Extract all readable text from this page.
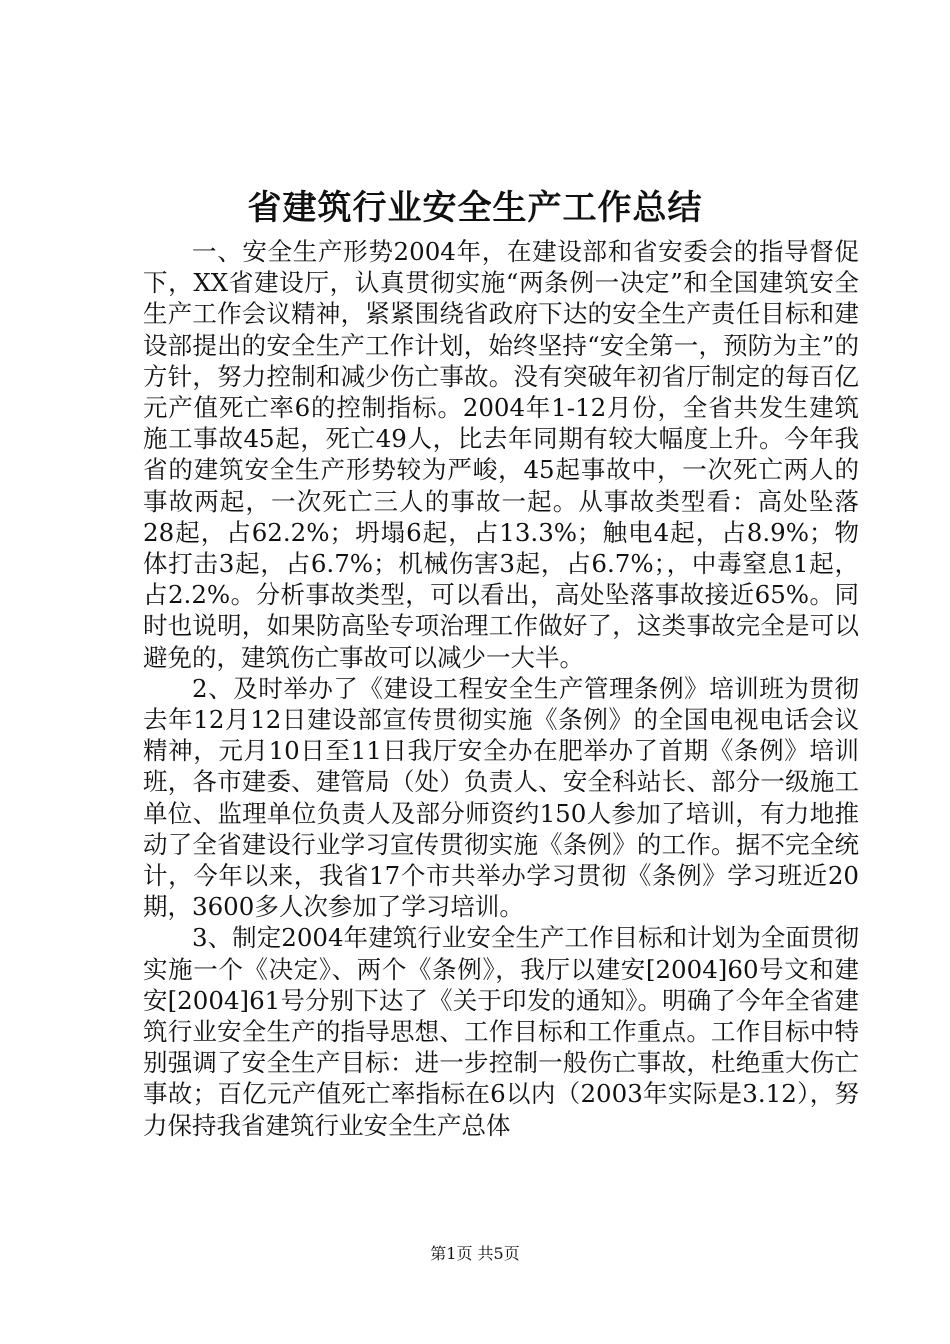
省建筑行业安全生产工作总结

一、安全生产形势2004年，在建设部和省安委会的指导督促下，XX省建设厅，认真贯彻实施“两条例一决定”和全国建筑安全生产工作会议精神，紧紧围绕省政府下达的安全生产责任目标和建设部提出的安全生产工作计划，始终坚持“安全第一，预防为主”的方针，努力控制和减少伤亡事故。没有突破年初省厅制定的每百亿元产值死亡率6的控制指标。2004年1-12月份，全省共发生建筑施工事故45起，死亡49人，比去年同期有较大幅度上升。今年我省的建筑安全生产形势较为严峻，45起事故中，一次死亡两人的事故两起，一次死亡三人的事故一起。从事故类型看：高处坠落28起，占62.2%；坍塌6起，占13.3%；触电4起，占8.9%；物体打击3起，占6.7%；机械伤害3起，占6.7%；，中毒窒息1起，占2.2%。分析事故类型，可以看出，高处坠落事故接近65%。同时也说明，如果防高坠专项治理工作做好了，这类事故完全是可以避免的，建筑伤亡事故可以减少一大半。

2、及时举办了《建设工程安全生产管理条例》培训班为贯彻去年12月12日建设部宣传贯彻实施《条例》的全国电视电话会议精神，元月10日至11日我厅安全办在肥举办了首期《条例》培训班，各市建委、建管局（处）负责人、安全科站长、部分一级施工单位、监理单位负责人及部分师资约150人参加了培训，有力地推动了全省建设行业学习宣传贯彻实施《条例》的工作。据不完全统计，今年以来，我省17个市共举办学习贯彻《条例》学习班近20期，3600多人次参加了学习培训。

3、制定2004年建筑行业安全生产工作目标和计划为全面贯彻实施一个《决定》、两个《条例》，我厅以建安[2004]60号文和建安[2004]61号分别下达了《关于印发的通知》。明确了今年全省建筑行业安全生产的指导思想、工作目标和工作重点。工作目标中特别强调了安全生产目标：进一步控制一般伤亡事故，杜绝重大伤亡事故；百亿元产值死亡率指标在6以内（2003年实际是3.12），努力保持我省建筑行业安全生产总体

第1页 共5页
